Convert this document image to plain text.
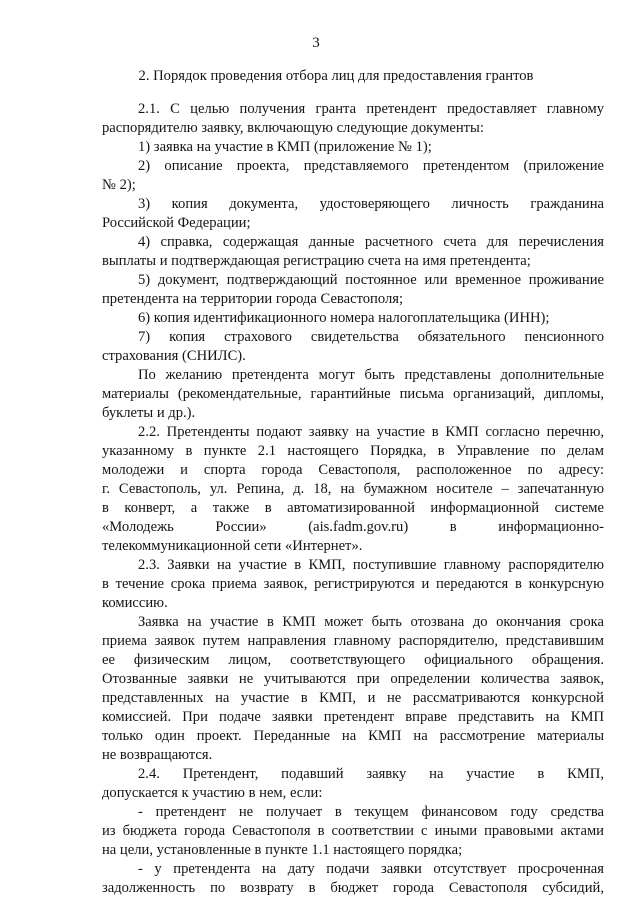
3
2. Порядок проведения отбора лиц для предоставления грантов
2.1. С целью получения гранта претендент предоставляет главному
распорядителю заявку, включающую следующие документы:
1) заявка на участие в КМП (приложение № 1);
2) описание проекта, представляемого претендентом (приложение
№ 2);
3) копия документа, удостоверяющего личность гражданина
Российской Федерации;
4) справка, содержащая данные расчетного счета для перечисления
выплаты и подтверждающая регистрацию счета на имя претендента;
5) документ, подтверждающий постоянное или временное проживание
претендента на территории города Севастополя;
6) копия идентификационного номера налогоплательщика (ИНН);
7) копия страхового свидетельства обязательного пенсионного
страхования (СНИЛС).
По желанию претендента могут быть представлены дополнительные
материалы (рекомендательные, гарантийные письма организаций, дипломы,
буклеты и др.).
2.2. Претенденты подают заявку на участие в КМП согласно перечню,
указанному в пункте 2.1 настоящего Порядка, в Управление по делам
молодежи и спорта города Севастополя, расположенное по адресу:
г. Севастополь, ул. Репина, д. 18, на бумажном носителе – запечатанную
в конверт, а также в автоматизированной информационной системе
«Молодежь России» (ais.fadm.gov.ru) в информационно-
телекоммуникационной сети «Интернет».
2.3. Заявки на участие в КМП, поступившие главному распорядителю
в течение срока приема заявок, регистрируются и передаются в конкурсную
комиссию.
Заявка на участие в КМП может быть отозвана до окончания срока
приема заявок путем направления главному распорядителю, представившим
ее физическим лицом, соответствующего официального обращения.
Отозванные заявки не учитываются при определении количества заявок,
представленных на участие в КМП, и не рассматриваются конкурсной
комиссией. При подаче заявки претендент вправе представить на КМП
только один проект. Переданные на КМП на рассмотрение материалы
не возвращаются.
2.4. Претендент, подавший заявку на участие в КМП,
допускается к участию в нем, если:
- претендент не получает в текущем финансовом году средства
из бюджета города Севастополя в соответствии с иными правовыми актами
на цели, установленные в пункте 1.1 настоящего порядка;
- у претендента на дату подачи заявки отсутствует просроченная
задолженность по возврату в бюджет города Севастополя субсидий,
